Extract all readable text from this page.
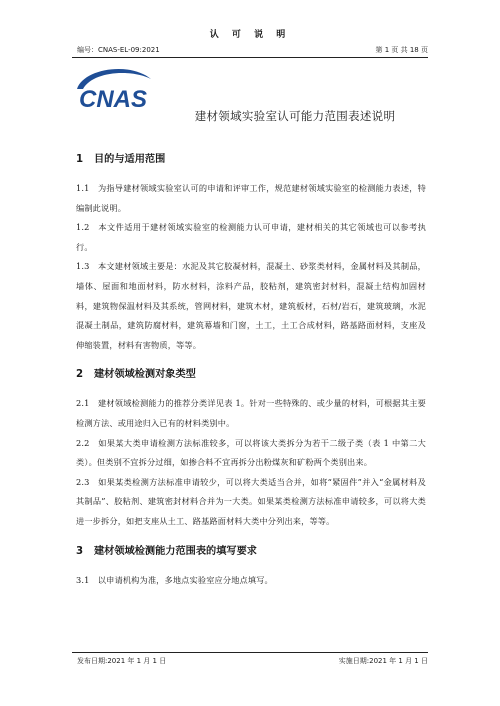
认 可 说 明
编号：CNAS-EL-09:2021	第 1 页 共 18 页
CNAS
建材领域实验室认可能力范围表述说明
1 目的与适用范围

1.1　为指导建材领域实验室认可的申请和评审工作，规范建材领域实验室的检测能力表述，特编制此说明。

1.2　本文件适用于建材领域实验室的检测能力认可申请，建材相关的其它领域也可以参考执行。

1.3　本文建材领域主要是：水泥及其它胶凝材料，混凝土、砂浆类材料，金属材料及其制品，墙体、屋面和地面材料，防水材料，涂料产品，胶粘剂，建筑密封材料，混凝土结构加固材料，建筑物保温材料及其系统，管网材料，建筑木材，建筑板材，石材/岩石，建筑玻璃，水泥混凝土制品，建筑防腐材料，建筑幕墙和门窗，土工，土工合成材料，路基路面材料，支座及伸缩装置，材料有害物质，等等。

2 建材领域检测对象类型

2.1　建材领域检测能力的推荐分类详见表 1。针对一些特殊的、或少量的材料，可根据其主要检测方法、或用途归入已有的材料类别中。

2.2　如果某大类申请检测方法标准较多，可以将该大类拆分为若干二级子类（表 1 中第二大类）。但类别不宜拆分过细，如掺合料不宜再拆分出粉煤灰和矿粉两个类别出来。

2.3　如果某类检测方法标准申请较少，可以将大类适当合并，如将“紧固件”并入“金属材料及其制品”、胶粘剂、建筑密封材料合并为一大类。如果某类检测方法标准申请较多，可以将大类进一步拆分，如把支座从土工、路基路面材料大类中分列出来，等等。

3 建材领域检测能力范围表的填写要求

3.1　以申请机构为准，多地点实验室应分地点填写。

发布日期:2021 年 1 月 1 日	实施日期:2021 年 1 月 1 日
